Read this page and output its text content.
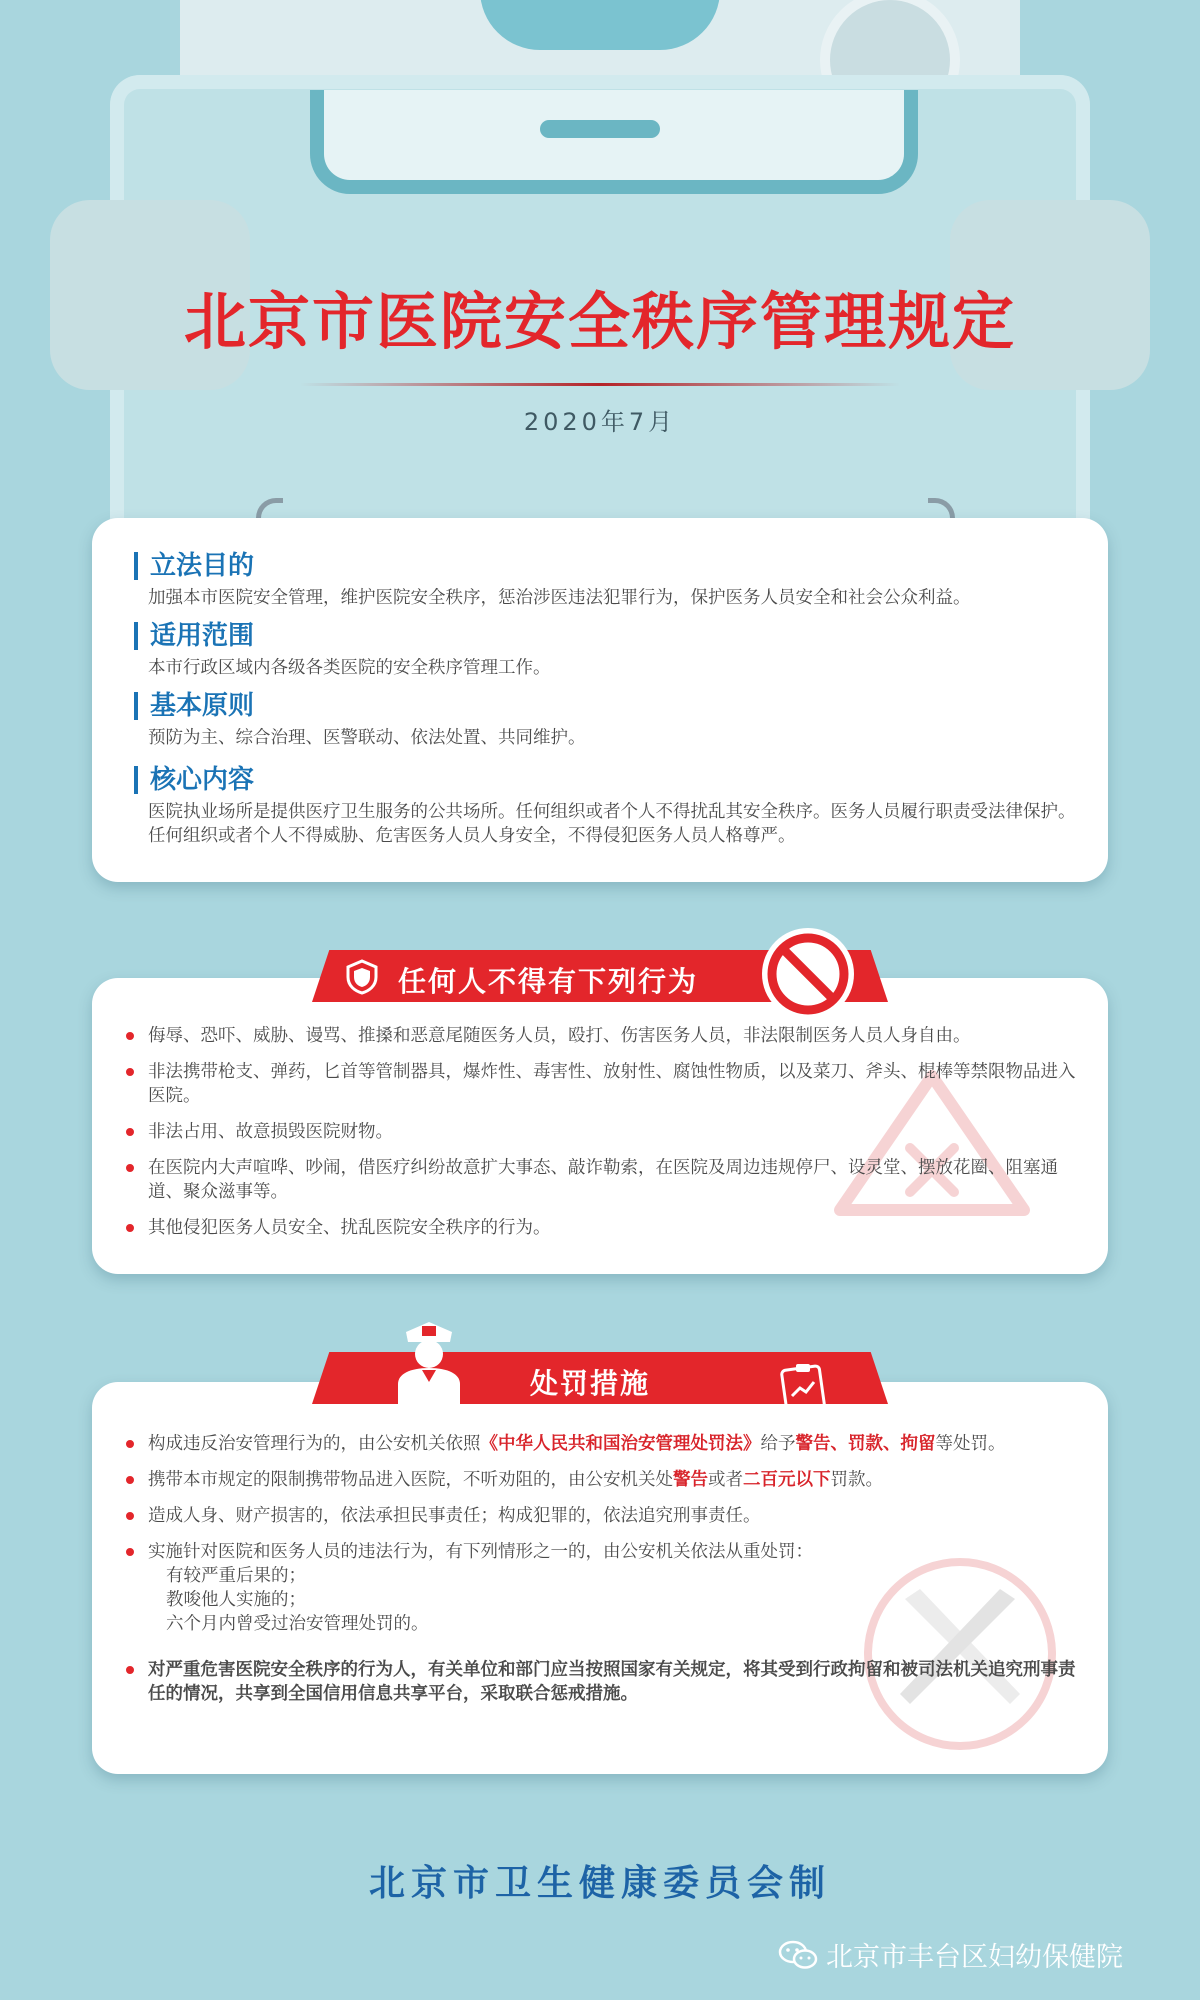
北京市医院安全秩序管理规定
2020年7月
立法目的
加强本市医院安全管理，维护医院安全秩序，惩治涉医违法犯罪行为，保护医务人员安全和社会公众利益。
适用范围
本市行政区域内各级各类医院的安全秩序管理工作。
基本原则
预防为主、综合治理、医警联动、依法处置、共同维护。
核心内容
医院执业场所是提供医疗卫生服务的公共场所。任何组织或者个人不得扰乱其安全秩序。医务人员履行职责受法律保护。任何组织或者个人不得威胁、危害医务人员人身安全，不得侵犯医务人员人格尊严。
侮辱、恐吓、威胁、谩骂、推搡和恶意尾随医务人员，殴打、伤害医务人员，非法限制医务人员人身自由。
非法携带枪支、弹药，匕首等管制器具，爆炸性、毒害性、放射性、腐蚀性物质，以及菜刀、斧头、棍棒等禁限物品进入医院。
非法占用、故意损毁医院财物。
在医院内大声喧哗、吵闹，借医疗纠纷故意扩大事态、敲诈勒索，在医院及周边违规停尸、设灵堂、摆放花圈、阻塞通道、聚众滋事等。
其他侵犯医务人员安全、扰乱医院安全秩序的行为。
任何人不得有下列行为
构成违反治安管理行为的，由公安机关依照《中华人民共和国治安管理处罚法》给予警告、罚款、拘留等处罚。
携带本市规定的限制携带物品进入医院，不听劝阻的，由公安机关处警告或者二百元以下罚款。
造成人身、财产损害的，依法承担民事责任；构成犯罪的，依法追究刑事责任。
实施针对医院和医务人员的违法行为，有下列情形之一的，由公安机关依法从重处罚：
有较严重后果的；
教唆他人实施的；
六个月内曾受过治安管理处罚的。
对严重危害医院安全秩序的行为人，有关单位和部门应当按照国家有关规定，将其受到行政拘留和被司法机关追究刑事责任的情况，共享到全国信用信息共享平台，采取联合惩戒措施。
处罚措施
北京市卫生健康委员会制
北京市丰台区妇幼保健院
